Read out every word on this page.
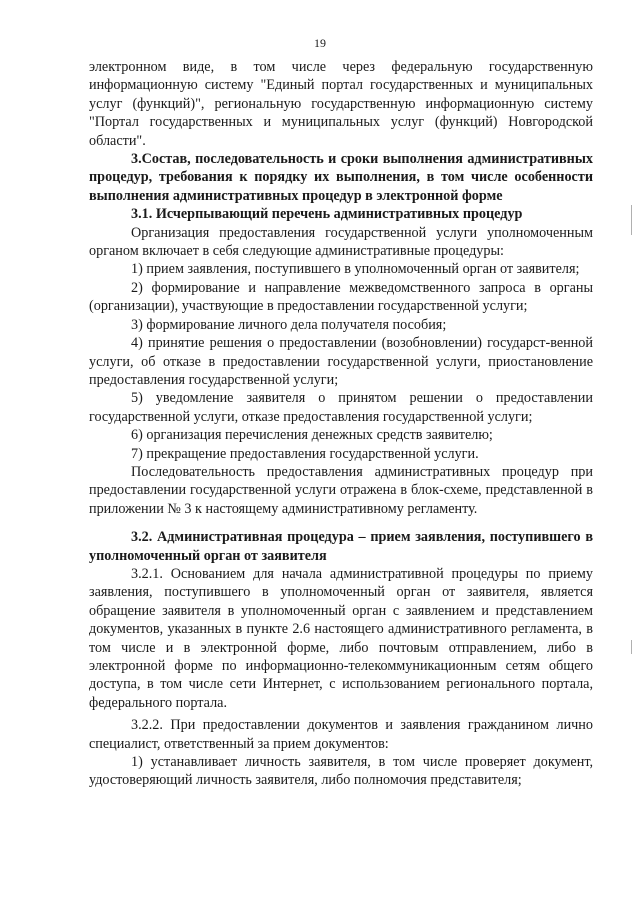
19

электронном виде, в том числе через федеральную государственную информационную систему "Единый портал государственных и муниципальных услуг (функций)", региональную государственную информационную систему "Портал государственных и муниципальных услуг (функций) Новгородской области".

3.Состав, последовательность и сроки выполнения административных процедур, требования к порядку их выполнения, в том числе особенности выполнения административных процедур в электронной форме

3.1. Исчерпывающий перечень административных процедур

Организация предоставления государственной услуги уполномоченным органом включает в себя следующие административные процедуры:

1) прием заявления, поступившего в уполномоченный орган от заявителя;

2) формирование и направление межведомственного запроса в органы (организации), участвующие в предоставлении государственной услуги;

3) формирование личного дела получателя пособия;

4) принятие решения о предоставлении (возобновлении) государст-венной услуги, об отказе в предоставлении государственной услуги, приостановление предоставления государственной услуги;

5) уведомление заявителя о принятом решении о предоставлении государственной услуги, отказе предоставления государственной услуги;

6) организация перечисления денежных средств заявителю;

7) прекращение предоставления государственной услуги.

Последовательность предоставления административных процедур при предоставлении государственной услуги отражена в блок-схеме, представленной в приложении № 3 к настоящему административному регламенту.

3.2. Административная процедура – прием заявления, поступившего в уполномоченный орган от заявителя

3.2.1. Основанием для начала административной процедуры по приему заявления, поступившего в уполномоченный орган от заявителя, является обращение заявителя в уполномоченный орган с заявлением и представлением документов, указанных в пункте 2.6 настоящего административного регламента, в том числе и в электронной форме, либо почтовым отправлением, либо в электронной форме по информационно-телекоммуникационным сетям общего доступа, в том числе сети Интернет, с использованием регионального портала, федерального портала.

3.2.2. При предоставлении документов и заявления гражданином лично специалист, ответственный за прием документов:

1) устанавливает личность заявителя, в том числе проверяет документ, удостоверяющий личность заявителя, либо полномочия представителя;
